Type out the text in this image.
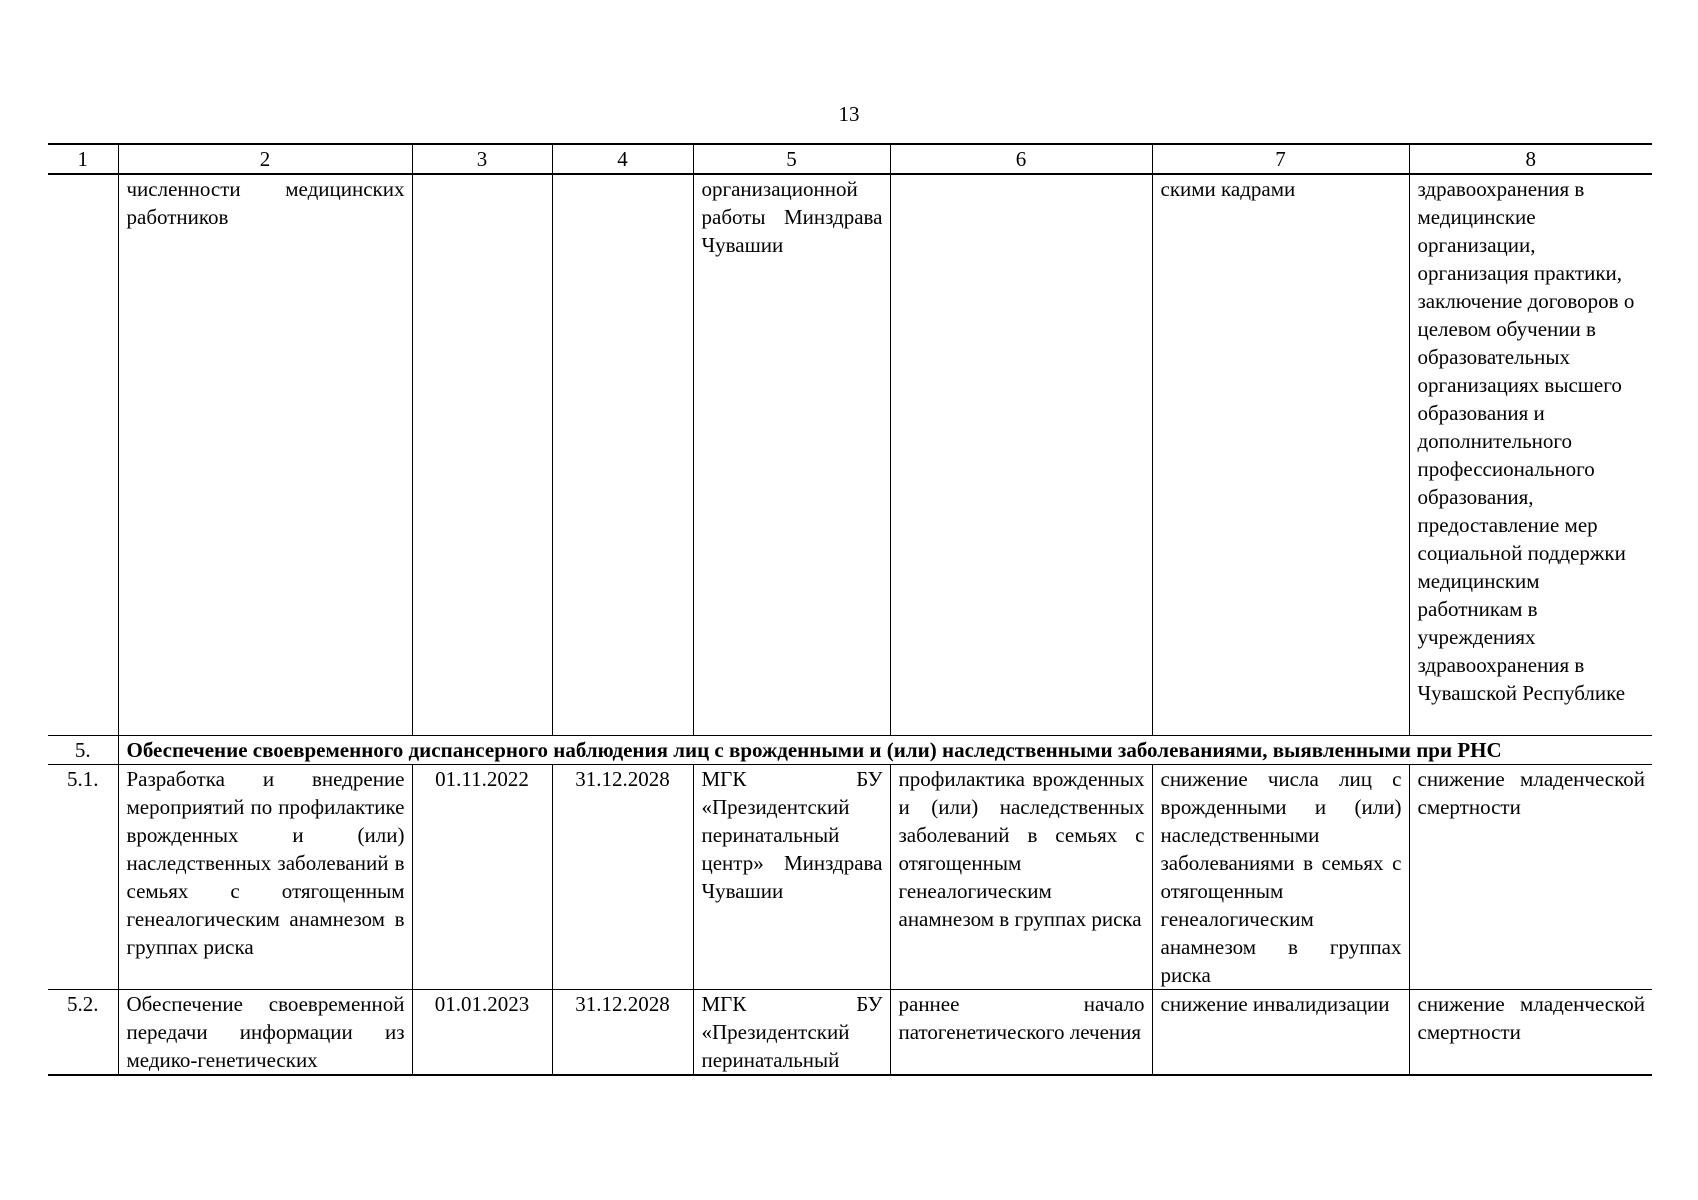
13
1	2	3	4	5	6	7	8
	численности медицинских работников			организационной работы Минздрава Чувашии		скими кадрами	здравоохранения в медицинские организации, организация практики, заключение договоров о целевом обучении в образовательных организациях высшего образования и дополнительного профессионального образования, предоставление мер социальной поддержки медицинским работникам в учреждениях здравоохранения в Чувашской Республике
5.	Обеспечение своевременного диспансерного наблюдения лиц с врожденными и (или) наследственными заболеваниями, выявленными при РНС						
5.1.	Разработка и внедрение мероприятий по профилактике врожденных и (или) наследственных заболеваний в семьях с отягощенным генеалогическим анамнезом в группах риска	01.11.2022	31.12.2028	МГК БУ «Президентский перинатальный центр» Минздрава Чувашии	профилактика врожденных и (или) наследственных заболеваний в семьях с отягощенным генеалогическим анамнезом в группах риска	снижение числа лиц с врожденными и (или) наследственными заболеваниями в семьях с отягощенным генеалогическим анамнезом в группах риска	снижение младенческой смертности
5.2.	Обеспечение своевременной передачи информации из медико-генетических	01.01.2023	31.12.2028	МГК БУ «Президентский перинатальный	раннее начало патогенетического лечения	снижение инвалидизации	снижение младенческой смертности
